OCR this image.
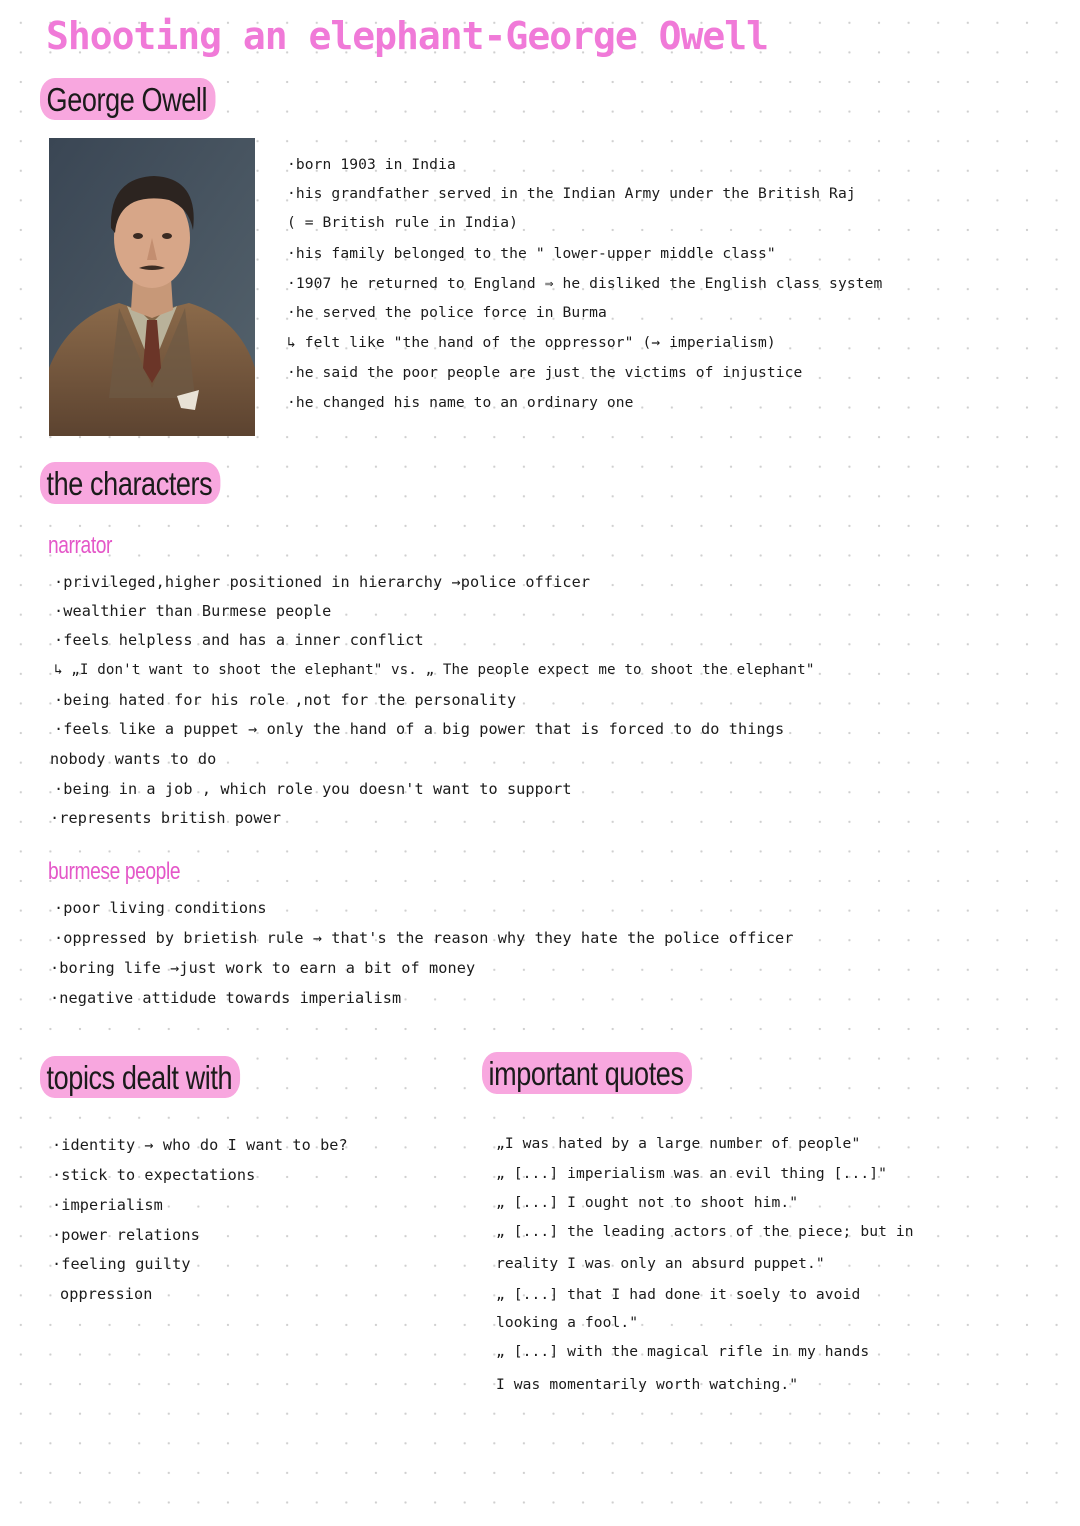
Shooting an elephant-George Owell
George Owell
·born 1903 in India
·his grandfather served in the Indian Army under the British Raj
( = British rule in India)
·his family belonged to the " lower-upper middle class"
·1907 he returned to England ⇒ he disliked the English class system
·he served the police force in Burma
↳ felt like "the hand of the oppressor" (→ imperialism)
·he said the poor people are just the victims of injustice
·he changed his name to an ordinary one
the characters
narrator
·privileged,higher positioned in hierarchy →police officer
·wealthier than Burmese people
·feels helpless and has a inner conflict
↳ „I don't want to shoot the elephant" vs. „ The people expect me to shoot the elephant"
·being hated for his role ,not for the personality
·feels like a puppet → only the hand of a big power that is forced to do things
nobody wants to do
·being in a job , which role you doesn't want to support
·represents british power
burmese people
·poor living conditions
·oppressed by brietish rule → that's the reason why they hate the police officer
·boring life →just work to earn a bit of money
·negative attidude towards imperialism
topics dealt with
·identity → who do I want to be?
·stick to expectations
·imperialism
·power relations
·feeling guilty
oppression
important quotes
„I was hated by a large number of people"
„ [...] imperialism was an evil thing [...]"
„ [...] I ought not to shoot him."
„ [...] the leading actors of the piece; but in
reality I was only an absurd puppet."
„ [...] that I had done it soely to avoid
looking a fool."
„ [...] with the magical rifle in my hands
I was momentarily worth watching."
